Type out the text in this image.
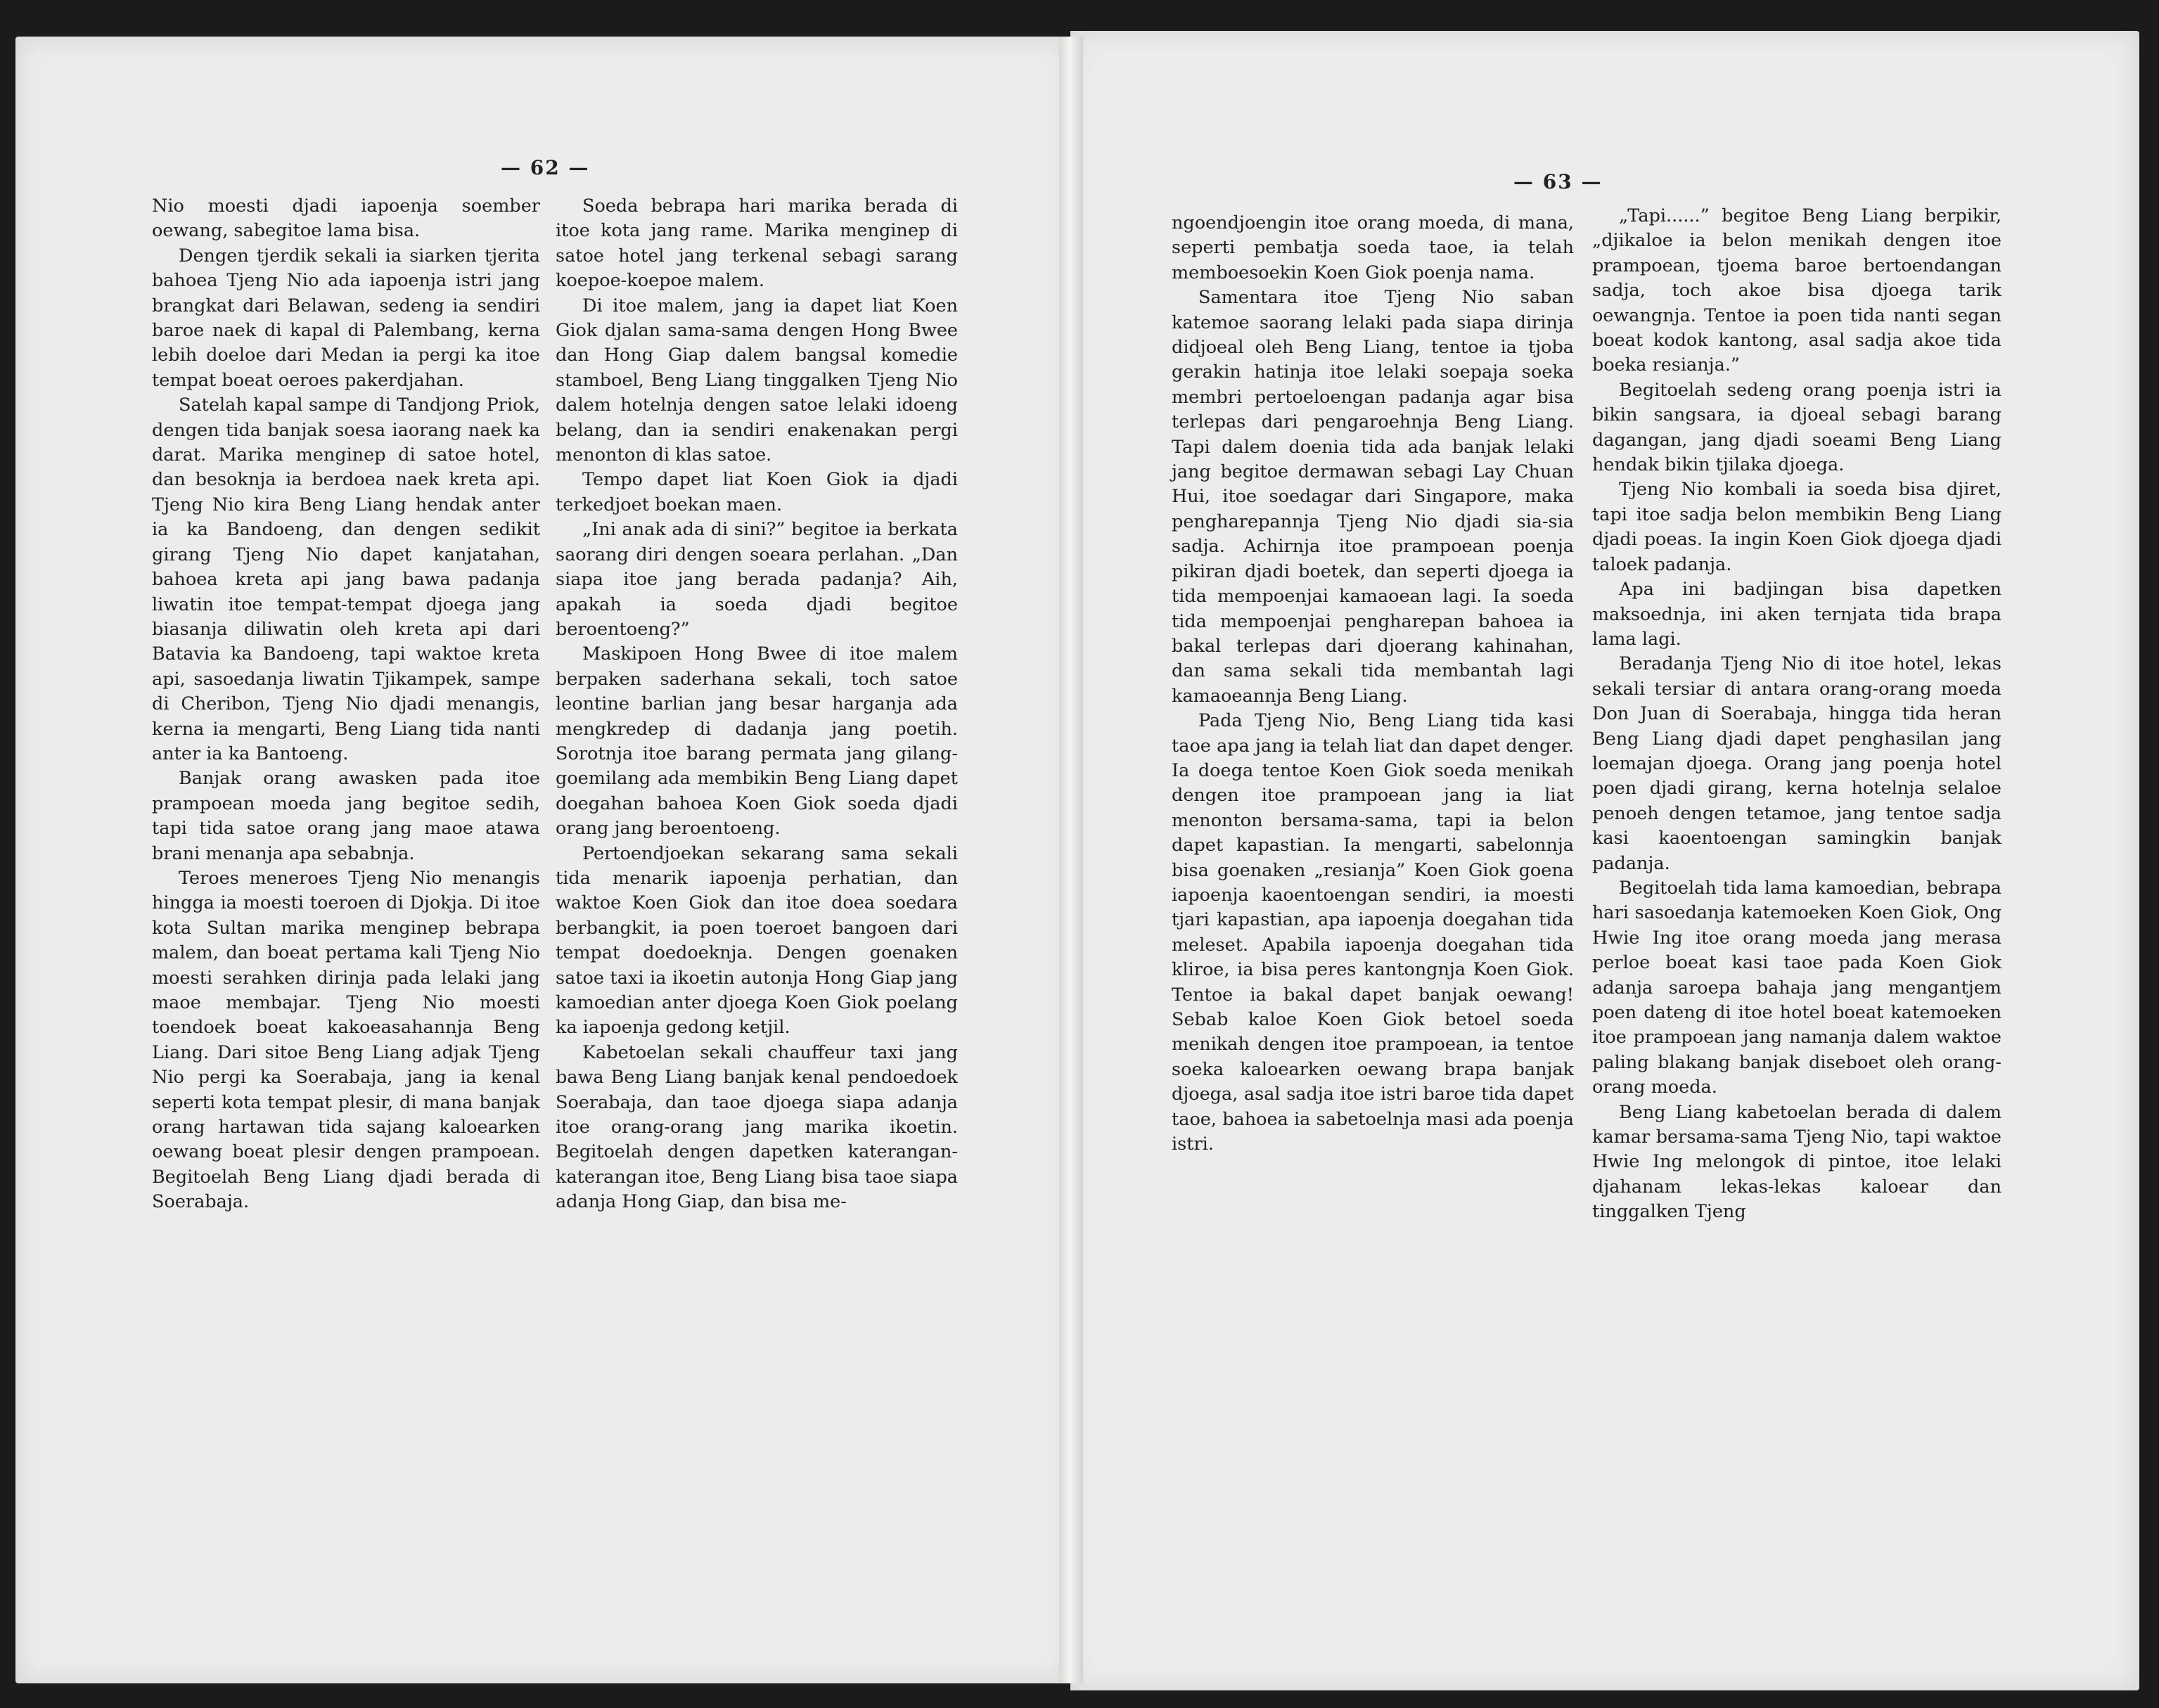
— 62 —
— 63 —

Nio moesti djadi iapoenja soember oewang, sabegitoe lama bisa.

Dengen tjerdik sekali ia siarken tjerita bahoea Tjeng Nio ada iapoenja istri jang brangkat dari Belawan, sedeng ia sendiri baroe naek di kapal di Palembang, kerna lebih doeloe dari Medan ia pergi ka itoe tempat boeat oeroes pakerdjahan.

Satelah kapal sampe di Tandjong Priok, dengen tida banjak soesa iaorang naek ka darat. Marika menginep di satoe hotel, dan besoknja ia berdoea naek kreta api. Tjeng Nio kira Beng Liang hendak anter ia ka Bandoeng, dan dengen sedikit girang Tjeng Nio dapet kanjatahan, bahoea kreta api jang bawa padanja liwatin itoe tempat-tempat djoega jang biasanja diliwatin oleh kreta api dari Batavia ka Bandoeng, tapi waktoe kreta api, sasoedanja liwatin Tjikampek, sampe di Cheribon, Tjeng Nio djadi menangis, kerna ia mengarti, Beng Liang tida nanti anter ia ka Bantoeng.

Banjak orang awasken pada itoe prampoean moeda jang begitoe sedih, tapi tida satoe orang jang maoe atawa brani menanja apa sebabnja.

Teroes meneroes Tjeng Nio menangis hingga ia moesti toeroen di Djokja. Di itoe kota Sultan marika menginep bebrapa malem, dan boeat pertama kali Tjeng Nio moesti serahken dirinja pada lelaki jang maoe membajar. Tjeng Nio moesti toendoek boeat kakoeasahannja Beng Liang. Dari sitoe Beng Liang adjak Tjeng Nio pergi ka Soerabaja, jang ia kenal seperti kota tempat plesir, di mana banjak orang hartawan tida sajang kaloearken oewang boeat plesir dengen prampoean. Begitoelah Beng Liang djadi berada di Soerabaja.

Soeda bebrapa hari marika berada di itoe kota jang rame. Marika menginep di satoe hotel jang terkenal sebagi sarang koepoe-koepoe malem.

Di itoe malem, jang ia dapet liat Koen Giok djalan sama-sama dengen Hong Bwee dan Hong Giap dalem bangsal komedie stamboel, Beng Liang tinggalken Tjeng Nio dalem hotelnja dengen satoe lelaki idoeng belang, dan ia sendiri enakenakan pergi menonton di klas satoe.

Tempo dapet liat Koen Giok ia djadi terkedjoet boekan maen.

„Ini anak ada di sini?” begitoe ia berkata saorang diri dengen soeara perlahan. „Dan siapa itoe jang berada padanja? Aih, apakah ia soeda djadi begitoe beroentoeng?”

Maskipoen Hong Bwee di itoe malem berpaken saderhana sekali, toch satoe leontine barlian jang besar harganja ada mengkredep di dadanja jang poetih. Sorotnja itoe barang permata jang gilang-goemilang ada membikin Beng Liang dapet doegahan bahoea Koen Giok soeda djadi orang jang beroentoeng.

Pertoendjoekan sekarang sama sekali tida menarik iapoenja perhatian, dan waktoe Koen Giok dan itoe doea soedara berbangkit, ia poen toeroet bangoen dari tempat doedoeknja. Dengen goenaken satoe taxi ia ikoetin autonja Hong Giap jang kamoedian anter djoega Koen Giok poelang ka iapoenja gedong ketjil.

Kabetoelan sekali chauffeur taxi jang bawa Beng Liang banjak kenal pendoedoek Soerabaja, dan taoe djoega siapa adanja itoe orang-orang jang marika ikoetin. Begitoelah dengen dapetken katerangan-katerangan itoe, Beng Liang bisa taoe siapa adanja Hong Giap, dan bisa me-

ngoendjoengin itoe orang moeda, di mana, seperti pembatja soeda taoe, ia telah memboesoekin Koen Giok poenja nama.

Samentara itoe Tjeng Nio saban katemoe saorang lelaki pada siapa dirinja didjoeal oleh Beng Liang, tentoe ia tjoba gerakin hatinja itoe lelaki soepaja soeka membri pertoeloengan padanja agar bisa terlepas dari pengaroehnja Beng Liang. Tapi dalem doenia tida ada banjak lelaki jang begitoe dermawan sebagi Lay Chuan Hui, itoe soedagar dari Singapore, maka pengharepannja Tjeng Nio djadi sia-sia sadja. Achirnja itoe prampoean poenja pikiran djadi boetek, dan seperti djoega ia tida mempoenjai kamaoean lagi. Ia soeda tida mempoenjai pengharepan bahoea ia bakal terlepas dari djoerang kahinahan, dan sama sekali tida membantah lagi kamaoeannja Beng Liang.

Pada Tjeng Nio, Beng Liang tida kasi taoe apa jang ia telah liat dan dapet denger. Ia doega tentoe Koen Giok soeda menikah dengen itoe prampoean jang ia liat menonton bersama-sama, tapi ia belon dapet kapastian. Ia mengarti, sabelonnja bisa goenaken „resianja” Koen Giok goena iapoenja kaoentoengan sendiri, ia moesti tjari kapastian, apa iapoenja doegahan tida meleset. Apabila iapoenja doegahan tida kliroe, ia bisa peres kantongnja Koen Giok. Tentoe ia bakal dapet banjak oewang! Sebab kaloe Koen Giok betoel soeda menikah dengen itoe prampoean, ia tentoe soeka kaloearken oewang brapa banjak djoega, asal sadja itoe istri baroe tida dapet taoe, bahoea ia sabetoelnja masi ada poenja istri.

„Tapi......” begitoe Beng Liang berpikir, „djikaloe ia belon menikah dengen itoe prampoean, tjoema baroe bertoendangan sadja, toch akoe bisa djoega tarik oewangnja. Tentoe ia poen tida nanti segan boeat kodok kantong, asal sadja akoe tida boeka resianja.”

Begitoelah sedeng orang poenja istri ia bikin sangsara, ia djoeal sebagi barang dagangan, jang djadi soeami Beng Liang hendak bikin tjilaka djoega.

Tjeng Nio kombali ia soeda bisa djiret, tapi itoe sadja belon membikin Beng Liang djadi poeas. Ia ingin Koen Giok djoega djadi taloek padanja.

Apa ini badjingan bisa dapetken maksoednja, ini aken ternjata tida brapa lama lagi.

Beradanja Tjeng Nio di itoe hotel, lekas sekali tersiar di antara orang-orang moeda Don Juan di Soerabaja, hingga tida heran Beng Liang djadi dapet penghasilan jang loemajan djoega. Orang jang poenja hotel poen djadi girang, kerna hotelnja selaloe penoeh dengen tetamoe, jang tentoe sadja kasi kaoentoengan samingkin banjak padanja.

Begitoelah tida lama kamoedian, bebrapa hari sasoedanja katemoeken Koen Giok, Ong Hwie Ing itoe orang moeda jang merasa perloe boeat kasi taoe pada Koen Giok adanja saroepa bahaja jang mengantjem poen dateng di itoe hotel boeat katemoeken itoe prampoean jang namanja dalem waktoe paling blakang banjak diseboet oleh orang-orang moeda.

Beng Liang kabetoelan berada di dalem kamar bersama-sama Tjeng Nio, tapi waktoe Hwie Ing melongok di pintoe, itoe lelaki djahanam lekas-lekas kaloear dan tinggalken Tjeng
